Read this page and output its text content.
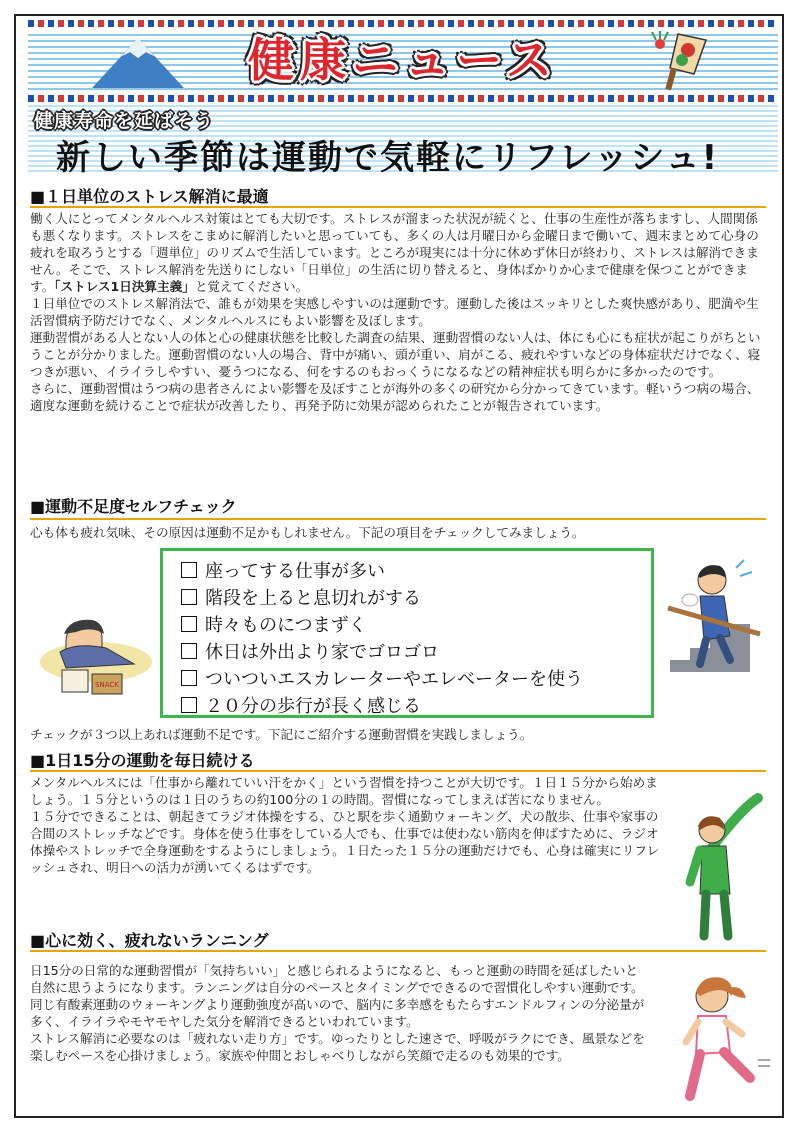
健康ニュース
健康寿命を延ばそう
新しい季節は運動で気軽にリフレッシュ!
■１日単位のストレス解消に最適

働く人にとってメンタルヘルス対策はとても大切です。ストレスが溜まった状況が続くと、仕事の生産性が落ちますし、人間関係も悪くなります。ストレスをこまめに解消したいと思っていても、多くの人は月曜日から金曜日まで働いて、週末まとめて心身の疲れを取ろうとする「週単位」のリズムで生活しています。ところが現実には十分に休めず休日が終わり、ストレスは解消できません。そこで、ストレス解消を先送りにしない「日単位」の生活に切り替えると、身体ばかりか心まで健康を保つことができます。「ストレス1日決算主義」と覚えてください。

１日単位でのストレス解消法で、誰もが効果を実感しやすいのは運動です。運動した後はスッキリとした爽快感があり、肥満や生活習慣病予防だけでなく、メンタルヘルスにもよい影響を及ぼします。

運動習慣がある人とない人の体と心の健康状態を比較した調査の結果、運動習慣のない人は、体にも心にも症状が起こりがちということが分かりました。運動習慣のない人の場合、背中が痛い、頭が重い、肩がこる、疲れやすいなどの身体症状だけでなく、寝つきが悪い、イライラしやすい、憂うつになる、何をするのもおっくうになるなどの精神症状も明らかに多かったのです。

さらに、運動習慣はうつ病の患者さんによい影響を及ぼすことが海外の多くの研究から分かってきています。軽いうつ病の場合、適度な運動を続けることで症状が改善したり、再発予防に効果が認められたことが報告されています。

■運動不足度セルフチェック
心も体も疲れ気味、その原因は運動不足かもしれません。下記の項目をチェックしてみましょう。
座ってする仕事が多い
階段を上ると息切れがする
時々ものにつまずく
休日は外出より家でゴロゴロ
ついついエスカレーターやエレベーターを使う
２０分の歩行が長く感じる
SNACK
チェックが３つ以上あれば運動不足です。下記にご紹介する運動習慣を実践しましょう。
■1日15分の運動を毎日続ける

メンタルヘルスには「仕事から離れていい汗をかく」という習慣を持つことが大切です。１日１５分から始めましょう。１５分というのは１日のうちの約100分の１の時間。習慣になってしまえば苦になりません。

１５分でできることは、朝起きてラジオ体操をする、ひと駅を歩く通勤ウォーキング、犬の散歩、仕事や家事の合間のストレッチなどです。身体を使う仕事をしている人でも、仕事では使わない筋肉を伸ばすために、ラジオ体操やストレッチで全身運動をするようにしましょう。１日たった１５分の運動だけでも、心身は確実にリフレッシュされ、明日への活力が湧いてくるはずです。

■心に効く、疲れないランニング

日15分の日常的な運動習慣が「気持ちいい」と感じられるようになると、もっと運動の時間を延ばしたいと自然に思うようになります。ランニングは自分のペースとタイミングでできるので習慣化しやすい運動です。同じ有酸素運動のウォーキングより運動強度が高いので、脳内に多幸感をもたらすエンドルフィンの分泌量が多く、イライラやモヤモヤした気分を解消できるといわれています。

ストレス解消に必要なのは「疲れない走り方」です。ゆったりとした速さで、呼吸がラクにでき、風景などを楽しむペースを心掛けましょう。家族や仲間とおしゃべりしながら笑顔で走るのも効果的です。
